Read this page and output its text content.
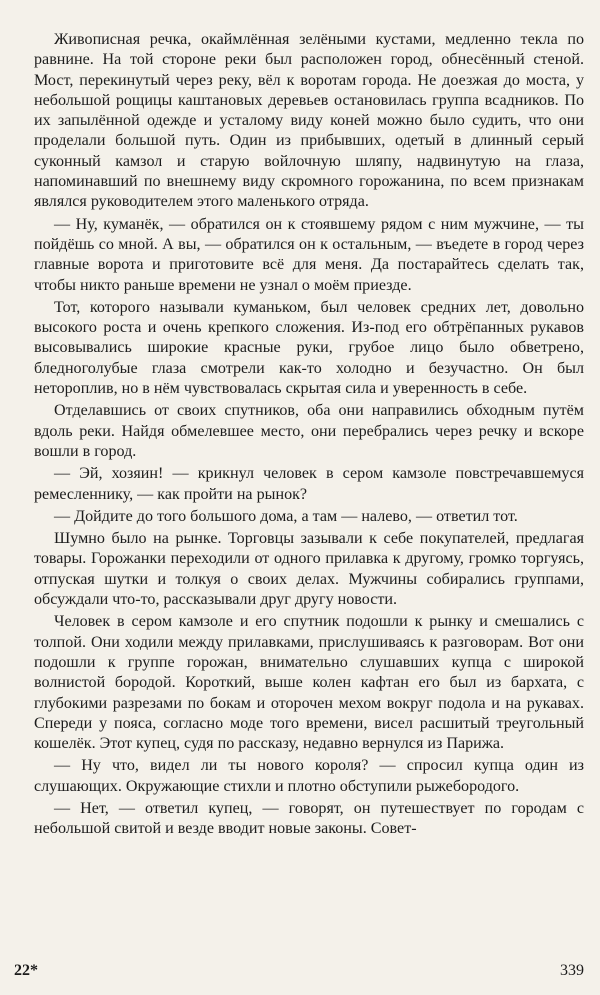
Живописная речка, окаймлённая зелёными кустами, медленно текла по равнине. На той стороне реки был расположен город, обнесённый стеной. Мост, перекинутый через реку, вёл к воротам города. Не доезжая до моста, у небольшой рощицы каштановых деревьев остановилась группа всадников. По их запылённой одежде и усталому виду коней можно было судить, что они проделали большой путь. Один из прибывших, одетый в длинный серый суконный камзол и старую войлочную шляпу, надвинутую на глаза, напоминавший по внешнему виду скромного горожанина, по всем признакам являлся руководителем этого маленького отряда.

— Ну, куманёк, — обратился он к стоявшему рядом с ним мужчине, — ты пойдёшь со мной. А вы, — обратился он к остальным, — въедете в город через главные ворота и приготовите всё для меня. Да постарайтесь сделать так, чтобы никто раньше времени не узнал о моём приезде.

Тот, которого называли куманьком, был человек средних лет, довольно высокого роста и очень крепкого сложения. Из-под его обтрёпанных рукавов высовывались широкие красные руки, грубое лицо было обветрено, бледноголубые глаза смотрели как-то холодно и безучастно. Он был нетороплив, но в нём чувствовалась скрытая сила и уверенность в себе.

Отделавшись от своих спутников, оба они направились обходным путём вдоль реки. Найдя обмелевшее место, они перебрались через речку и вскоре вошли в город.

— Эй, хозяин! — крикнул человек в сером камзоле повстречавшемуся ремесленнику, — как пройти на рынок?

— Дойдите до того большого дома, а там — налево, — ответил тот.

Шумно было на рынке. Торговцы зазывали к себе покупателей, предлагая товары. Горожанки переходили от одного прилавка к другому, громко торгуясь, отпуская шутки и толкуя о своих делах. Мужчины собирались группами, обсуждали что-то, рассказывали друг другу новости.

Человек в сером камзоле и его спутник подошли к рынку и смешались с толпой. Они ходили между прилавками, прислушиваясь к разговорам. Вот они подошли к группе горожан, внимательно слушавших купца с широкой волнистой бородой. Короткий, выше колен кафтан его был из бархата, с глубокими разрезами по бокам и оторочен мехом вокруг подола и на рукавах. Спереди у пояса, согласно моде того времени, висел расшитый треугольный кошелёк. Этот купец, судя по рассказу, недавно вернулся из Парижа.

— Ну что, видел ли ты нового короля? — спросил купца один из слушающих. Окружающие стихли и плотно обступили рыжебородого.

— Нет, — ответил купец, — говорят, он путешествует по городам с небольшой свитой и везде вводит новые законы. Совет-

22*	339
